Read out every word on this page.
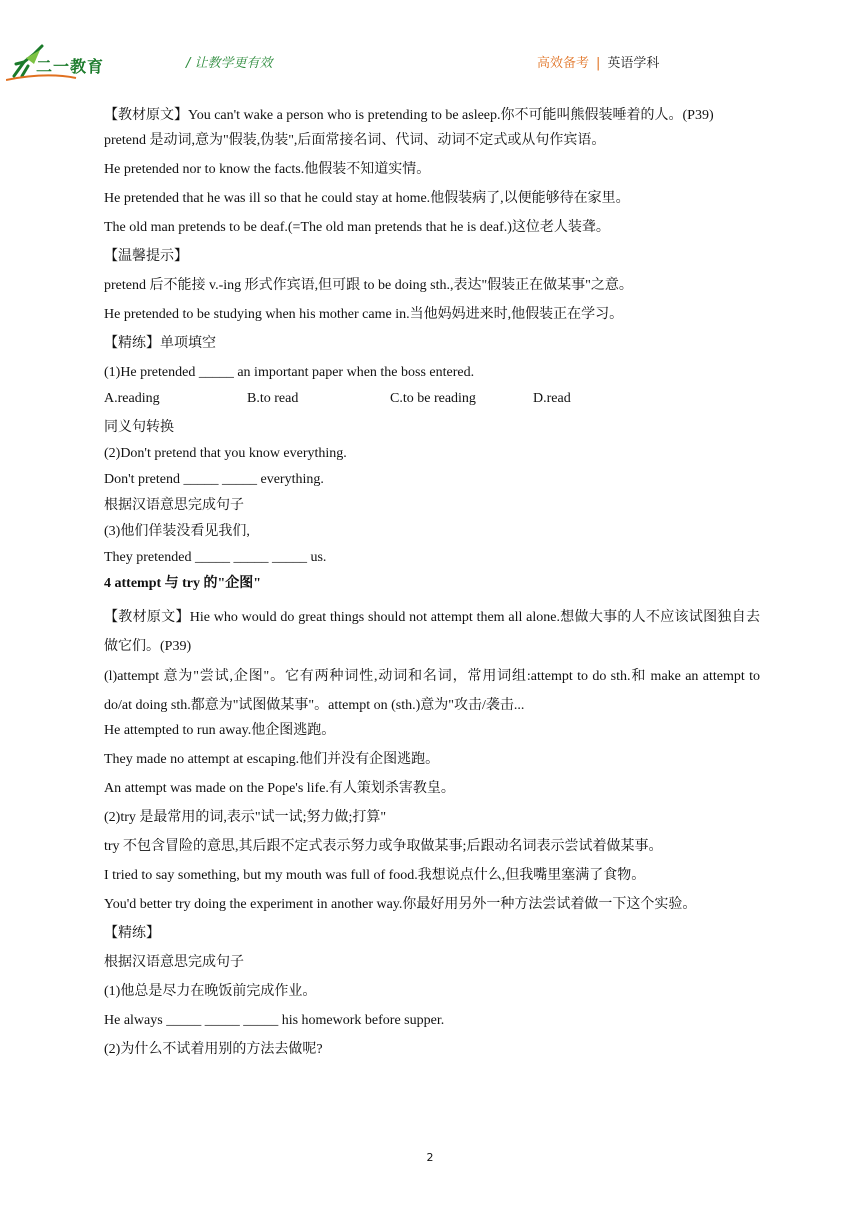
二一教育	/ 让教学更有效	高效备考 | 英语学科

【教材原文】You can't wake a person who is pretending to be asleep.你不可能叫熊假装唾着的人。(P39)

pretend 是动词,意为"假装,伪装",后面常接名词、代词、动词不定式或从句作宾语。

He pretended nor to know the facts.他假装不知道实情。

He pretended that he was ill so that he could stay at home.他假装病了,以便能够待在家里。

The old man pretends to be deaf.(=The old man pretends that he is deaf.)这位老人装聋。

【温馨提示】

pretend 后不能接 v.-ing 形式作宾语,但可跟 to be doing sth.,表达"假装正在做某事"之意。

He pretended to be studying when his mother came in.当他妈妈进来时,他假装正在学习。

【精练】单项填空

(1)He pretended _____ an important paper when the boss entered.

A.reading	B.to read	C.to be reading	D.read

同义句转换

(2)Don't pretend that you know everything.

Don't pretend _____ _____ everything.

根据汉语意思完成句子

(3)他们佯装没看见我们,

They pretended _____ _____ _____ us.

4 attempt 与 try 的"企图"

【教材原文】Hie who would do great things should not attempt them all alone.想做大事的人不应该试图独自去做它们。(P39)

(l)attempt 意为"尝试,企图"。它有两种词性,动词和名词，常用词组:attempt to do sth.和 make an attempt to do/at doing sth.都意为"试图做某事"。attempt on (sth.)意为"攻击/袭击...

He attempted to run away.他企图逃跑。

They made no attempt at escaping.他们并没有企图逃跑。

An attempt was made on the Pope's life.有人策划杀害教皇。

(2)try 是最常用的词,表示"试一试;努力做;打算"

try 不包含冒险的意思,其后跟不定式表示努力或争取做某事;后跟动名词表示尝试着做某事。

I tried to say something, but my mouth was full of food.我想说点什么,但我嘴里塞满了食物。

You'd better try doing the experiment in another way.你最好用另外一种方法尝试着做一下这个实验。

【精练】

根据汉语意思完成句子

(1)他总是尽力在晚饭前完成作业。

He always _____ _____ _____ his homework before supper.

(2)为什么不试着用别的方法去做呢?

2
